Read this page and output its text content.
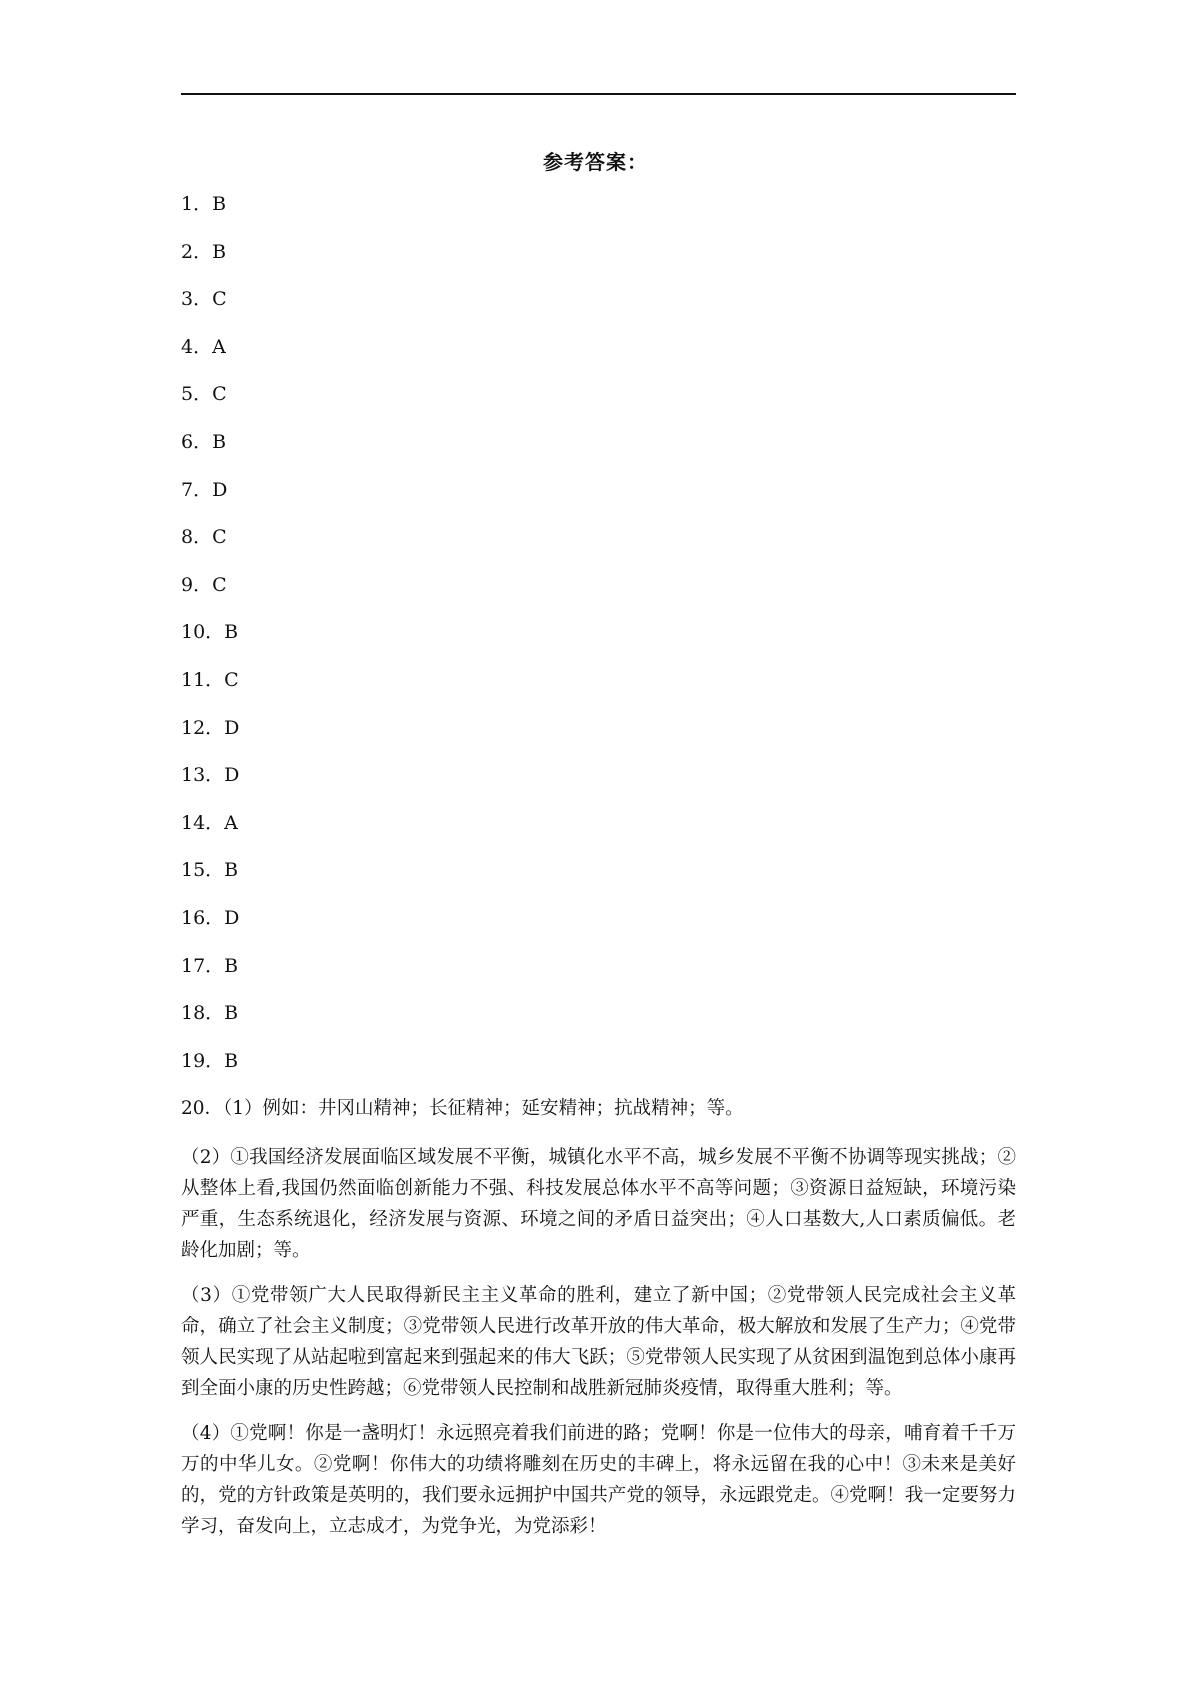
参考答案：
1．B
2．B
3．C
4．A
5．C
6．B
7．D
8．C
9．C
10．B
11．C
12．D
13．D
14．A
15．B
16．D
17．B
18．B
19．B

20．（1）例如：井冈山精神；长征精神；延安精神；抗战精神；等。

（2）①我国经济发展面临区域发展不平衡，城镇化水平不高，城乡发展不平衡不协调等现实挑战；②从整体上看,我国仍然面临创新能力不强、科技发展总体水平不高等问题；③资源日益短缺，环境污染严重，生态系统退化，经济发展与资源、环境之间的矛盾日益突出；④人口基数大,人口素质偏低。老龄化加剧；等。

（3）①党带领广大人民取得新民主主义革命的胜利，建立了新中国；②党带领人民完成社会主义革命，确立了社会主义制度；③党带领人民进行改革开放的伟大革命，极大解放和发展了生产力；④党带领人民实现了从站起啦到富起来到强起来的伟大飞跃；⑤党带领人民实现了从贫困到温饱到总体小康再到全面小康的历史性跨越；⑥党带领人民控制和战胜新冠肺炎疫情，取得重大胜利；等。

（4）①党啊！你是一盏明灯！永远照亮着我们前进的路；党啊！你是一位伟大的母亲，哺育着千千万万的中华儿女。②党啊！你伟大的功绩将雕刻在历史的丰碑上，将永远留在我的心中！③未来是美好的，党的方针政策是英明的，我们要永远拥护中国共产党的领导，永远跟党走。④党啊！我一定要努力学习，奋发向上，立志成才，为党争光，为党添彩！
